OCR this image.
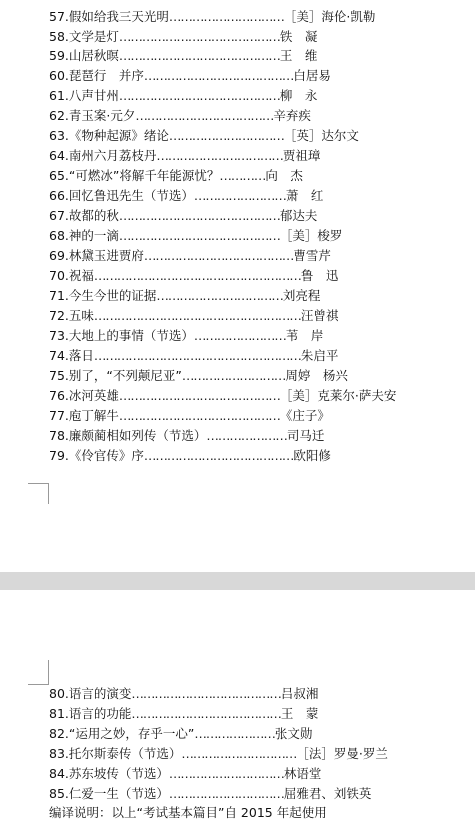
57. 假如给我三天光明 ………………………… ［美］海伦·凯勒
58. 文学是灯 …………………………………… 铁　凝
59. 山居秋暝 …………………………………… 王　维
60. 琵琶行　并序 ………………………………… 白居易
61. 八声甘州 …………………………………… 柳　永
62. 青玉案·元夕 ……………………………… 辛弃疾
63. 《物种起源》绪论 ………………………… ［英］达尔文
64. 南州六月荔枝丹 …………………………… 贾祖璋
65. “可燃冰”将解千年能源忧？ ………… 向　杰
66. 回忆鲁迅先生（节选） …………………… 萧　红
67. 故都的秋 …………………………………… 郁达夫
68. 神的一滴 …………………………………… ［美］梭罗
69. 林黛玉进贾府 ………………………………… 曹雪芹
70. 祝福 ……………………………………………… 鲁　迅
71. 今生今世的证据 …………………………… 刘亮程
72. 五味 ……………………………………………… 汪曾祺
73. 大地上的事情（节选） …………………… 苇　岸
74. 落日 ……………………………………………… 朱启平
75. 别了，“不列颠尼亚” ……………………… 周婷　杨兴
76. 冰河英雄 …………………………………… ［美］克莱尔·萨夫安
77. 庖丁解牛 …………………………………… 《庄子》
78. 廉颇蔺相如列传（节选） ………………… 司马迁
79. 《伶官传》序 ………………………………… 欧阳修
80. 语言的演变 ………………………………… 吕叔湘
81. 语言的功能 ………………………………… 王　蒙
82. “运用之妙，存乎一心” ………………… 张文勋
83. 托尔斯泰传（节选） ………………………… ［法］罗曼·罗兰
84. 苏东坡传（节选） ………………………… 林语堂
85. 仁爱一生（节选） ………………………… 屈雅君、刘铁英
编译说明：以上“考试基本篇目”自 2015 年起使用
